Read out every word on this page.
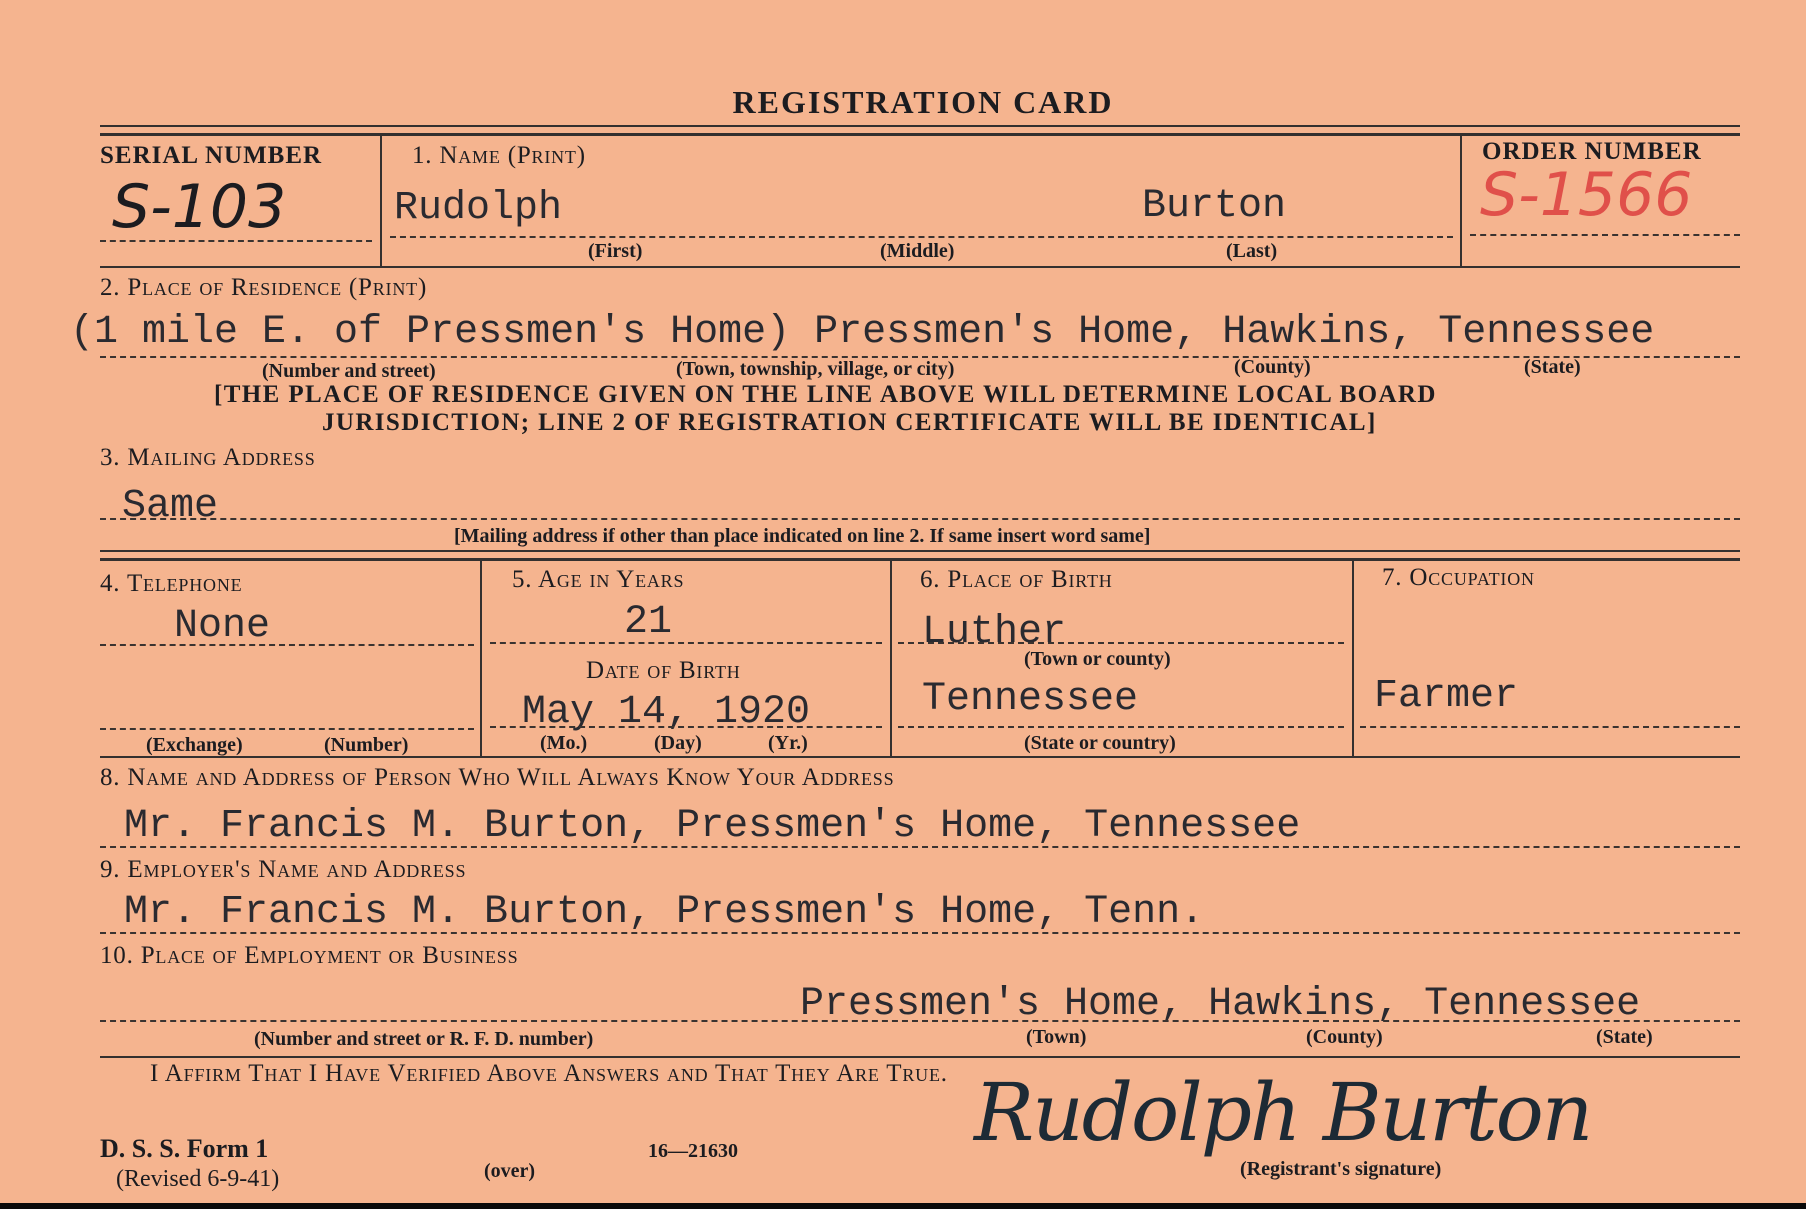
REGISTRATION CARD
SERIAL NUMBER
S-103
1. Name (Print)
Rudolph	Burton
(First)	(Middle)	(Last)
ORDER NUMBER
S-1566
2. Place of Residence (Print)
(1 mile E. of Pressmen's Home) Pressmen's Home, Hawkins, Tennessee
(Number and street)	(Town, township, village, or city)	(County)	(State)
[THE PLACE OF RESIDENCE GIVEN ON THE LINE ABOVE WILL DETERMINE LOCAL BOARD
JURISDICTION; LINE 2 OF REGISTRATION CERTIFICATE WILL BE IDENTICAL]
3. Mailing Address
Same
[Mailing address if other than place indicated on line 2. If same insert word same]
4. Telephone
None
(Exchange)	(Number)
5. Age in Years
21
Date of Birth
May 14, 1920
(Mo.)	(Day)	(Yr.)
6. Place of Birth
Luther
(Town or county)
Tennessee
(State or country)
7. Occupation
Farmer
8. Name and Address of Person Who Will Always Know Your Address
Mr. Francis M. Burton, Pressmen's Home, Tennessee
9. Employer's Name and Address
Mr. Francis M. Burton, Pressmen's Home, Tenn.
10. Place of Employment or Business
Pressmen's Home, Hawkins, Tennessee
(Number and street or R. F. D. number)	(Town)	(County)	(State)
I Affirm That I Have Verified Above Answers and That They Are True.
D. S. S. Form 1
(Revised 6-9-41)	(over)
16—21630	Rudolph Burton
(Registrant's signature)
